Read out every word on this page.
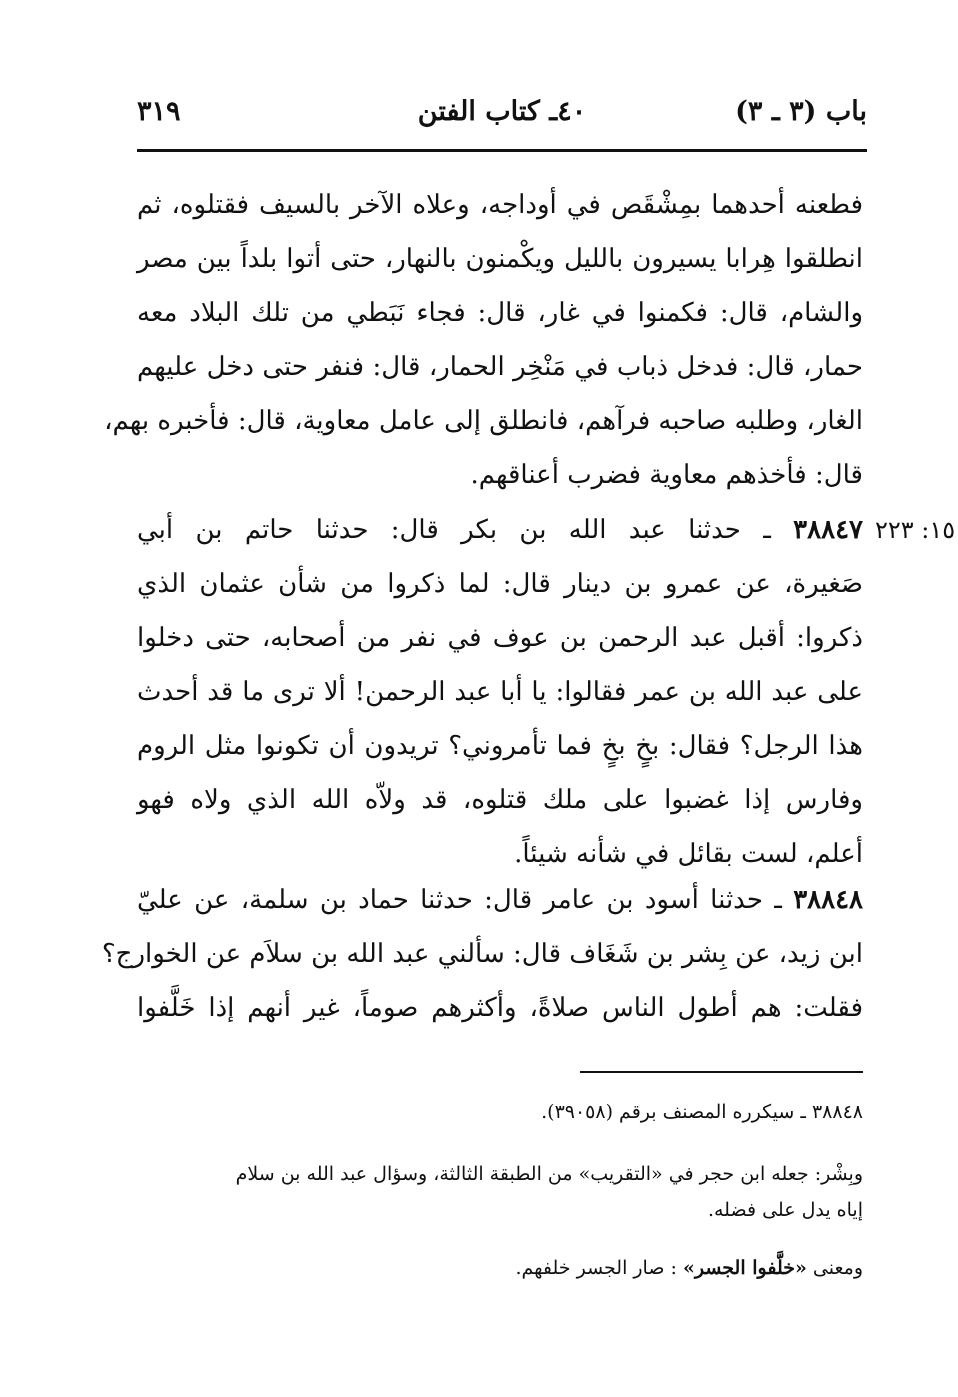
باب (٣ ـ ٣)
٤٠ـ كتاب الفتن
٣١٩
فطعنه أحدهما بمِشْقَص في أوداجه، وعلاه الآخر بالسيف فقتلوه، ثم
انطلقوا هِرابا يسيرون بالليل ويكْمنون بالنهار، حتى أتوا بلداً بين مصر
والشام، قال: فكمنوا في غار، قال: فجاء نَبَطي من تلك البلاد معه
حمار، قال: فدخل ذباب في مَنْخِر الحمار، قال: فنفر حتى دخل عليهم
الغار، وطلبه صاحبه فرآهم، فانطلق إلى عامل معاوية، قال: فأخبره بهم،
قال: فأخذهم معاوية فضرب أعناقهم.
١٥: ٢٢٣
٣٨٨٤٧ ـ حدثنا عبد الله بن بكر قال: حدثنا حاتم بن أبي
صَغيرة، عن عمرو بن دينار قال: لما ذكروا من شأن عثمان الذي
ذكروا: أقبل عبد الرحمن بن عوف في نفر من أصحابه، حتى دخلوا
على عبد الله بن عمر فقالوا: يا أبا عبد الرحمن! ألا ترى ما قد أحدث
هذا الرجل؟ فقال: بخٍ بخٍ فما تأمروني؟ تريدون أن تكونوا مثل الروم
وفارس إذا غضبوا على ملك قتلوه، قد ولاّه الله الذي ولاه فهو
أعلم، لست بقائل في شأنه شيئاً.
٣٨٨٤٨ ـ حدثنا أسود بن عامر قال: حدثنا حماد بن سلمة، عن عليّ
ابن زيد، عن بِشر بن شَغَاف قال: سألني عبد الله بن سلاَم عن الخوارج؟
فقلت: هم أطول الناس صلاةً، وأكثرهم صوماً، غير أنهم إذا خَلَّفوا
٣٨٨٤٨ ـ سيكرره المصنف برقم (٣٩٠٥٨).
وبِشْر: جعله ابن حجر في «التقريب» من الطبقة الثالثة، وسؤال عبد الله بن سلام
إياه يدل على فضله.
ومعنى «خلَّفوا الجسر» : صار الجسر خلفهم.
